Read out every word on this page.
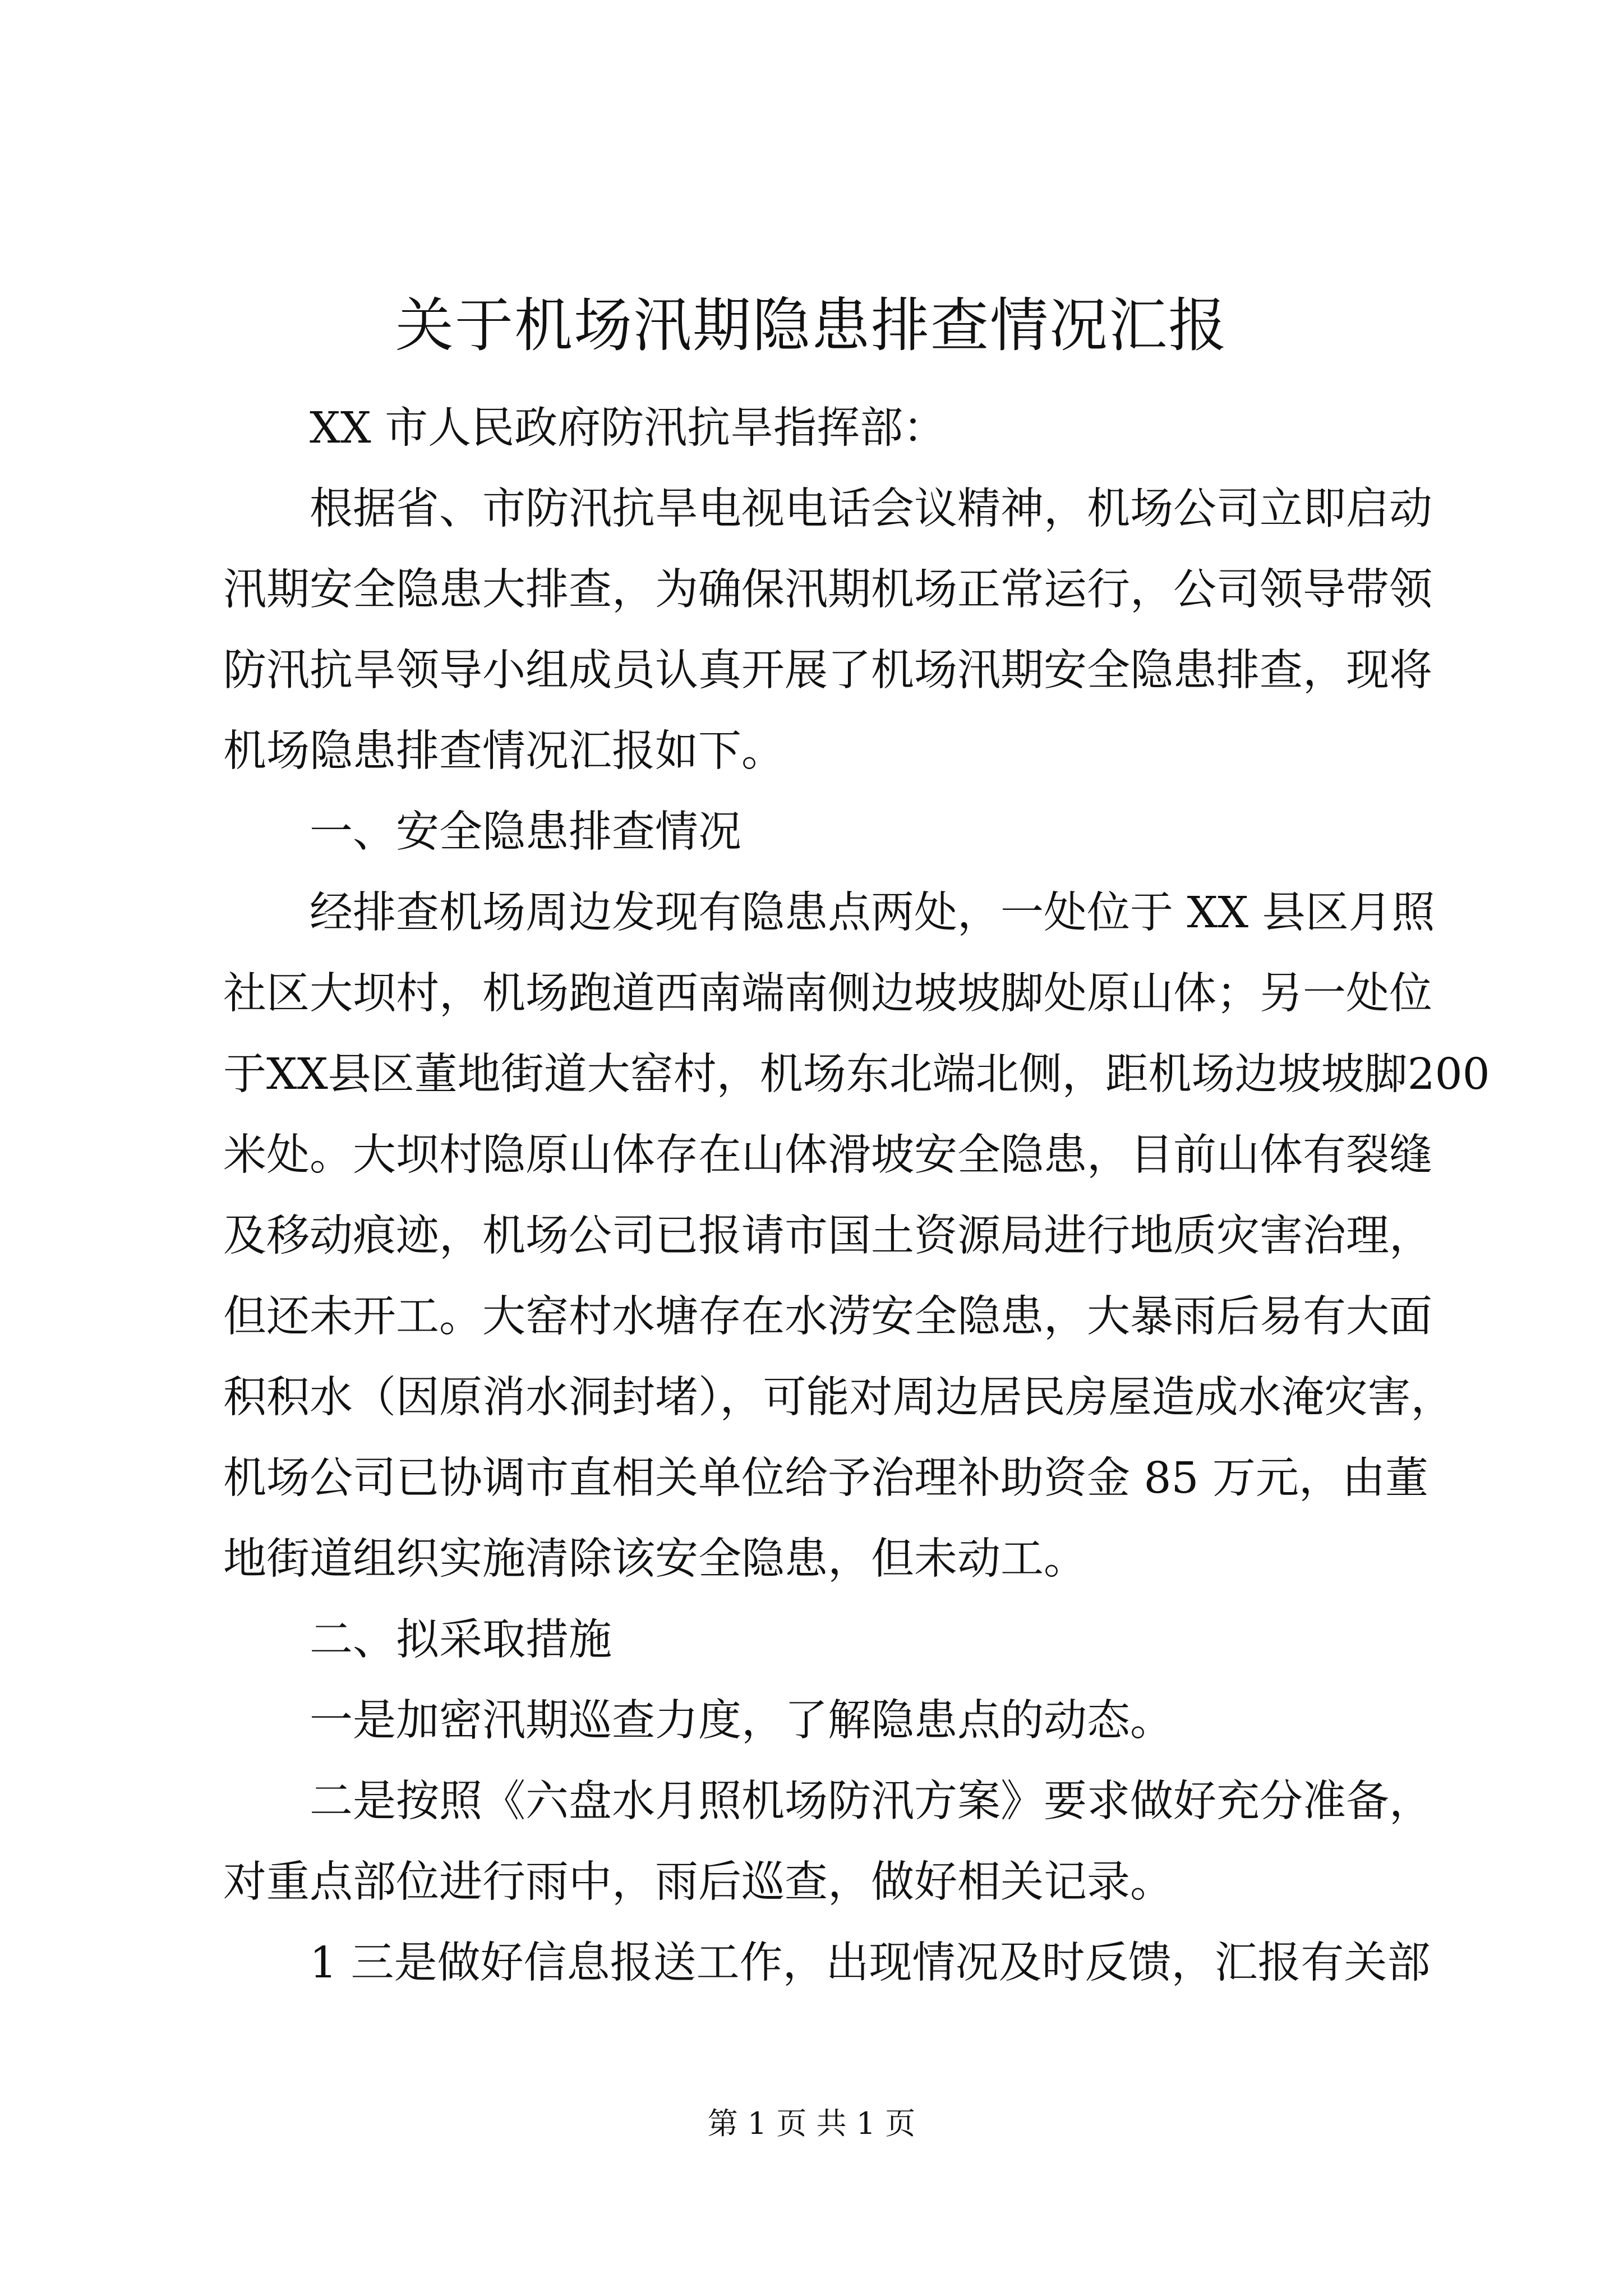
关于机场汛期隐患排查情况汇报

XX 市人民政府防汛抗旱指挥部：

根据省、市防汛抗旱电视电话会议精神，机场公司立即启动
汛期安全隐患大排查，为确保汛期机场正常运行，公司领导带领
防汛抗旱领导小组成员认真开展了机场汛期安全隐患排查，现将
机场隐患排查情况汇报如下。

一、安全隐患排查情况

经排查机场周边发现有隐患点两处，一处位于 XX 县区月照
社区大坝村，机场跑道西南端南侧边坡坡脚处原山体；另一处位
于XX县区董地街道大窑村，机场东北端北侧，距机场边坡坡脚200
米处。大坝村隐原山体存在山体滑坡安全隐患，目前山体有裂缝
及移动痕迹，机场公司已报请市国土资源局进行地质灾害治理，
但还未开工。大窑村水塘存在水涝安全隐患，大暴雨后易有大面
积积水（因原消水洞封堵），可能对周边居民房屋造成水淹灾害，
机场公司已协调市直相关单位给予治理补助资金 85 万元，由董
地街道组织实施清除该安全隐患，但未动工。

二、拟采取措施

一是加密汛期巡查力度，了解隐患点的动态。

二是按照《六盘水月照机场防汛方案》要求做好充分准备，
对重点部位进行雨中，雨后巡查，做好相关记录。

1 三是做好信息报送工作，出现情况及时反馈，汇报有关部

第 1 页 共 1 页
